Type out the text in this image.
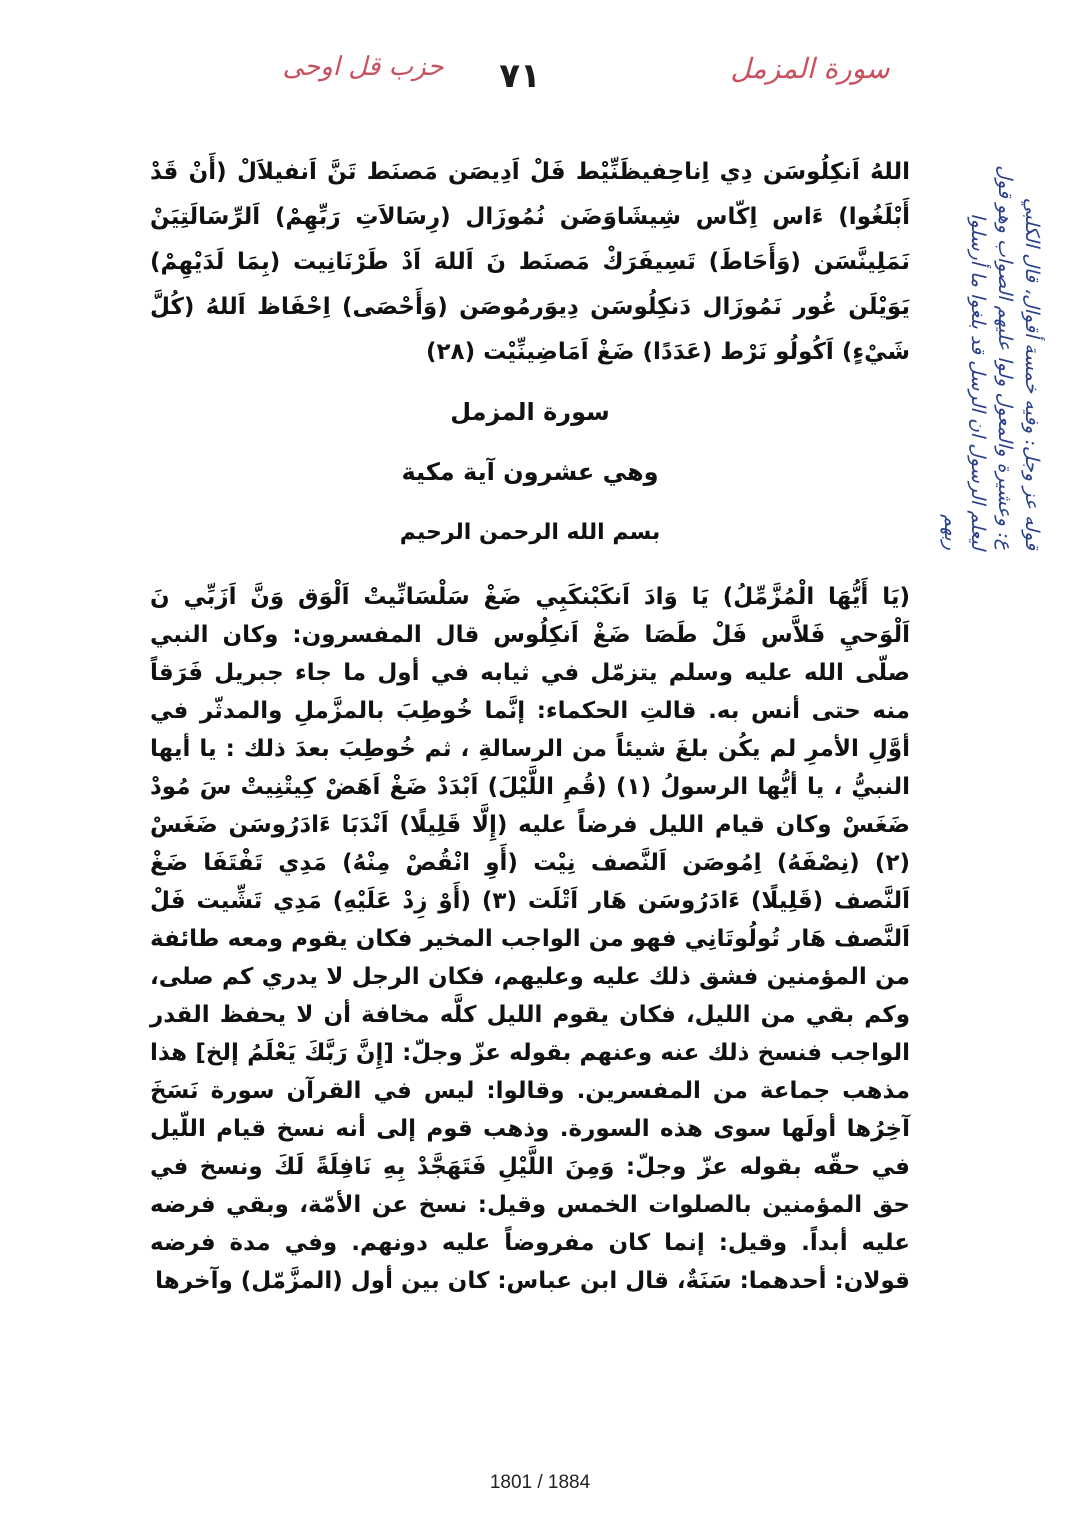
حزب قل اوحى	٧١	سورة المزمل
قوله عز وجل: وفيه خمسة أقوال، قال الكلبي
ع: وعشيرة والمعول ولوا عليهم الصواب وهو قول
ليعلم الرسول ان الرسل قد بلغوا ما أرسلوا
ربهم
اللهُ اَنكِلُوسَن دِي اِناحِفيظَنِّيْط فَلْ اَدِيصَن مَصنَط تَنَّ اَنفيلاَلْ (أَنْ قَدْ أَبْلَغُوا) ءَاس اِكّاس شِيشَاوَضَن نُمُوزَال (رِسَالاَتِ رَبِّهِمْ) اَلرِّسَالَتِيَنْ نَمَلِينَّسَن (وَأَحَاطَ) تَسِيفَرَكْ مَصنَط نَ اَللهَ اَدْ طَرْنَانِيت (بِمَا لَدَيْهِمْ) يَوَيْلَن غُور نَمُوزَال دَنكِلُوسَن دِيوَرمُوصَن (وَأَحْصَى) اِحْفَاظ اَللهُ (كُلَّ شَيْءٍ) اَكُولُو نَرْط (عَدَدًا) ضَغْ اَمَاضِينِّيْت (٢٨)
سورة المزمل
وهي عشرون آية مكية
بسم الله الرحمن الرحيم
(يَا أَيُّهَا الْمُزَّمِّلُ) يَا وَادَ اَنكَبْنكَبِي ضَغْ سَلْسَانِّيتْ اَلْوَق وَنَّ اَزَبِّي نَ اَلْوَحيِ فَلاَّس فَلْ طَصَا ضَغْ اَنكِلُوس قال المفسرون: وكان النبي صلّى الله عليه وسلم يتزمّل في ثيابه في أول ما جاء جبريل فَرَقاً منه حتى أنس به. قالتِ الحكماء: إنَّما خُوطِبَ بالمزَّملِ والمدثّر في أوَّلِ الأمرِ لم يكُن بلغَ شيئاً من الرسالةِ ، ثم خُوطِبَ بعدَ ذلك : يا أيها النبيُّ ، يا أيُّها الرسولُ (١) (قُمِ اللَّيْلَ) اَبْدَدْ ضَغْ اَهَضْ كِيتْنِيتْ سَ مُودْ ضَغَسْ وكان قيام الليل فرضاً عليه (إِلَّا قَلِيلًا) اَنْدَبَا ءَادَرُوسَن ضَغَسْ (٢) (نِصْفَهُ) اِمُوصَن اَلنَّصف نِيْت (أَوِ انْقُصْ مِنْهُ) مَدِي تَفْتَفَا ضَغْ اَلنَّصف (قَلِيلًا) ءَادَرُوسَن هَار اَتْلَت (٣) (أَوْ زِدْ عَلَيْهِ) مَدِي تَشِّيت فَلْ اَلنَّصف هَار تُولُوتَانِي فهو من الواجب المخير فكان يقوم ومعه طائفة من المؤمنين فشق ذلك عليه وعليهم، فكان الرجل لا يدري كم صلى، وكم بقي من الليل، فكان يقوم الليل كلَّه مخافة أن لا يحفظ القدر الواجب فنسخ ذلك عنه وعنهم بقوله عزّ وجلّ: [إِنَّ رَبَّكَ يَعْلَمُ إلخ] هذا مذهب جماعة من المفسرين. وقالوا: ليس في القرآن سورة نَسَخَ آخِرُها أولَها سوى هذه السورة. وذهب قوم إلى أنه نسخ قيام اللّيل في حقّه بقوله عزّ وجلّ: وَمِنَ اللَّيْلِ فَتَهَجَّدْ بِهِ نَافِلَةً لَكَ ونسخ في حق المؤمنين بالصلوات الخمس وقيل: نسخ عن الأمّة، وبقي فرضه عليه أبداً. وقيل: إنما كان مفروضاً عليه دونهم. وفي مدة فرضه قولان: أحدهما: سَنَةٌ، قال ابن عباس: كان بين أول (المزَّمّل) وآخرها
1801 / 1884
